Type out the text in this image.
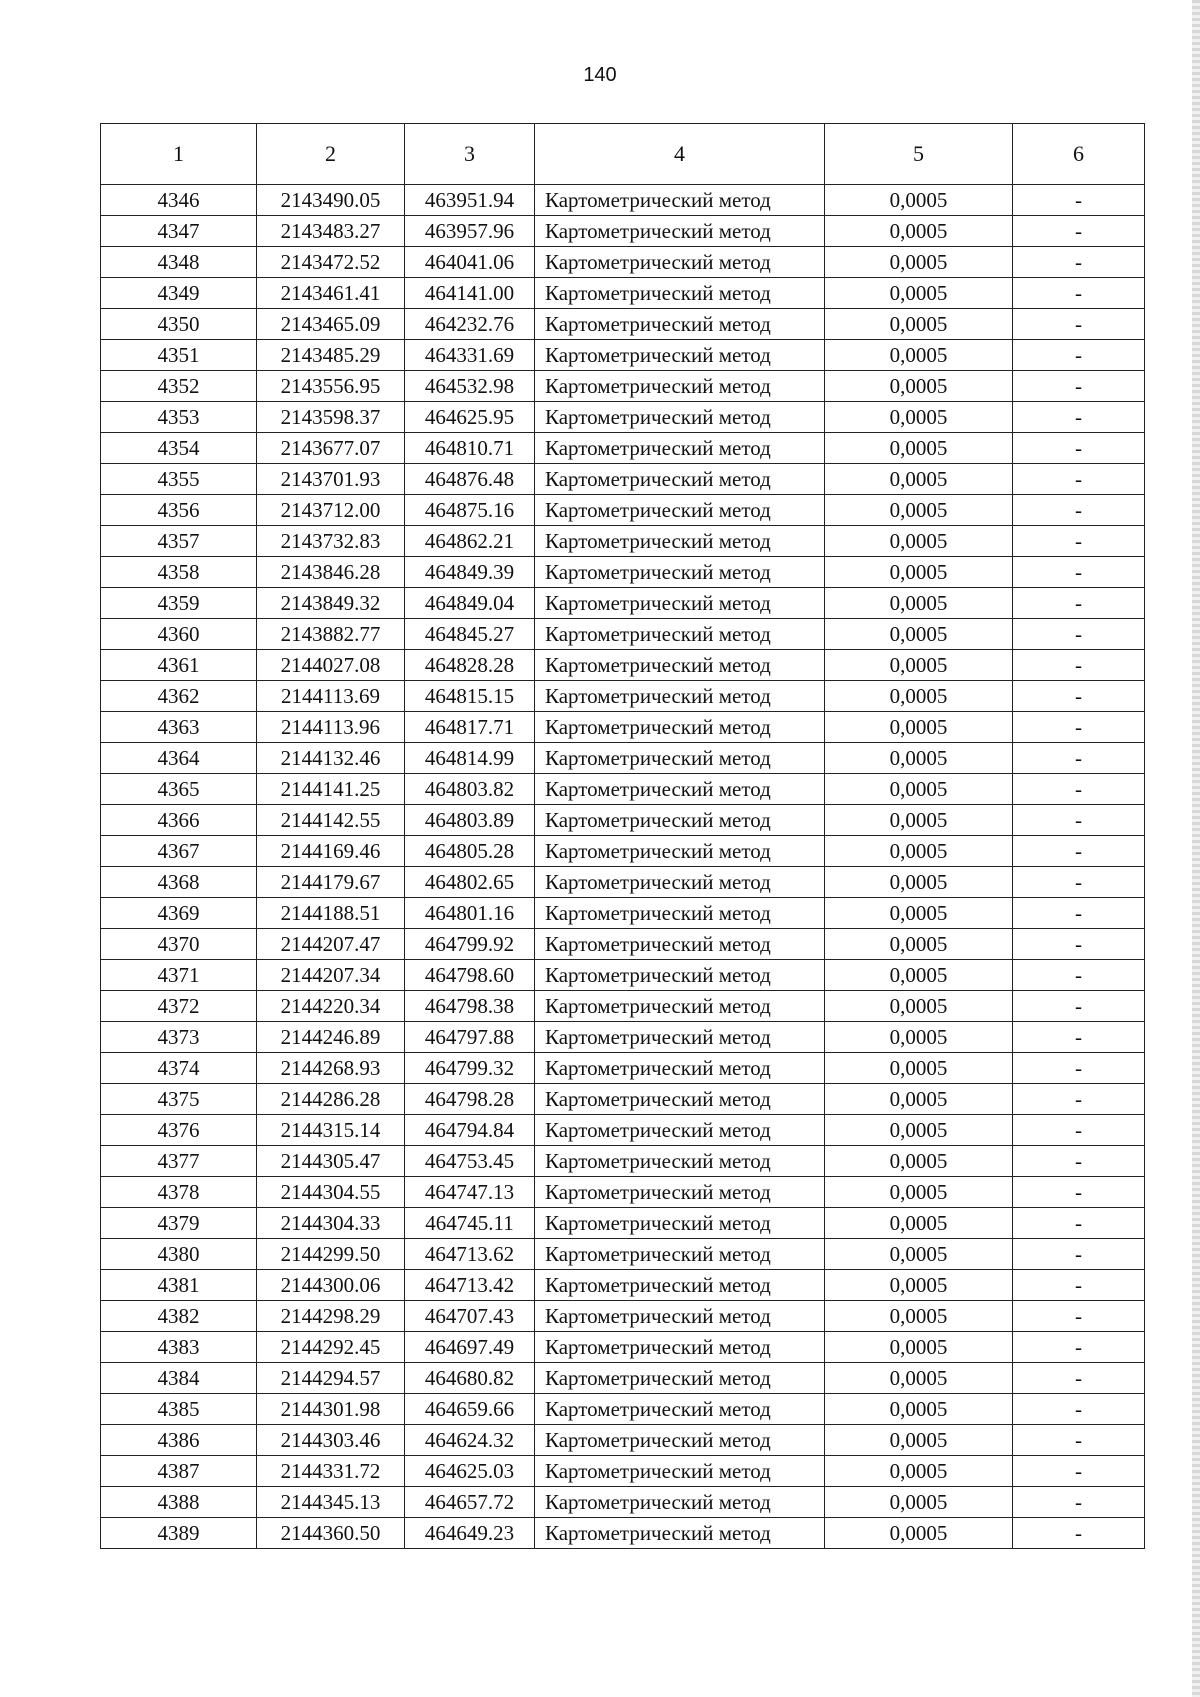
140
1	2	3	4	5	6
4346	2143490.05	463951.94	Картометрический метод	0,0005	-
4347	2143483.27	463957.96	Картометрический метод	0,0005	-
4348	2143472.52	464041.06	Картометрический метод	0,0005	-
4349	2143461.41	464141.00	Картометрический метод	0,0005	-
4350	2143465.09	464232.76	Картометрический метод	0,0005	-
4351	2143485.29	464331.69	Картометрический метод	0,0005	-
4352	2143556.95	464532.98	Картометрический метод	0,0005	-
4353	2143598.37	464625.95	Картометрический метод	0,0005	-
4354	2143677.07	464810.71	Картометрический метод	0,0005	-
4355	2143701.93	464876.48	Картометрический метод	0,0005	-
4356	2143712.00	464875.16	Картометрический метод	0,0005	-
4357	2143732.83	464862.21	Картометрический метод	0,0005	-
4358	2143846.28	464849.39	Картометрический метод	0,0005	-
4359	2143849.32	464849.04	Картометрический метод	0,0005	-
4360	2143882.77	464845.27	Картометрический метод	0,0005	-
4361	2144027.08	464828.28	Картометрический метод	0,0005	-
4362	2144113.69	464815.15	Картометрический метод	0,0005	-
4363	2144113.96	464817.71	Картометрический метод	0,0005	-
4364	2144132.46	464814.99	Картометрический метод	0,0005	-
4365	2144141.25	464803.82	Картометрический метод	0,0005	-
4366	2144142.55	464803.89	Картометрический метод	0,0005	-
4367	2144169.46	464805.28	Картометрический метод	0,0005	-
4368	2144179.67	464802.65	Картометрический метод	0,0005	-
4369	2144188.51	464801.16	Картометрический метод	0,0005	-
4370	2144207.47	464799.92	Картометрический метод	0,0005	-
4371	2144207.34	464798.60	Картометрический метод	0,0005	-
4372	2144220.34	464798.38	Картометрический метод	0,0005	-
4373	2144246.89	464797.88	Картометрический метод	0,0005	-
4374	2144268.93	464799.32	Картометрический метод	0,0005	-
4375	2144286.28	464798.28	Картометрический метод	0,0005	-
4376	2144315.14	464794.84	Картометрический метод	0,0005	-
4377	2144305.47	464753.45	Картометрический метод	0,0005	-
4378	2144304.55	464747.13	Картометрический метод	0,0005	-
4379	2144304.33	464745.11	Картометрический метод	0,0005	-
4380	2144299.50	464713.62	Картометрический метод	0,0005	-
4381	2144300.06	464713.42	Картометрический метод	0,0005	-
4382	2144298.29	464707.43	Картометрический метод	0,0005	-
4383	2144292.45	464697.49	Картометрический метод	0,0005	-
4384	2144294.57	464680.82	Картометрический метод	0,0005	-
4385	2144301.98	464659.66	Картометрический метод	0,0005	-
4386	2144303.46	464624.32	Картометрический метод	0,0005	-
4387	2144331.72	464625.03	Картометрический метод	0,0005	-
4388	2144345.13	464657.72	Картометрический метод	0,0005	-
4389	2144360.50	464649.23	Картометрический метод	0,0005	-
